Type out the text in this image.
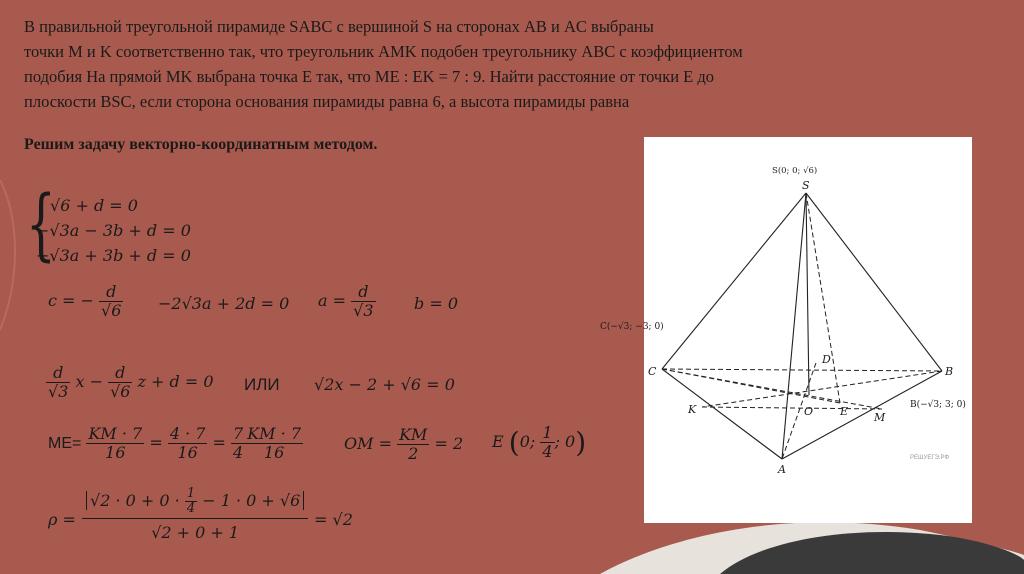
В правильной треугольной пирамиде SABC с вершиной S на сторонах AB и AC выбраны

точки M и K соответственно так, что треугольник AMK подобен треугольнику ABC с коэффициентом

подобия На прямой MK выбрана точка E так, что ME : EK = 7 : 9. Найти расстояние от точки E до

плоскости BSC, если сторона основания пирамиды равна 6, а высота пирамиды равна

Решим задачу векторно-координатным методом.
{
√6 + d = 0
−√3a − 3b + d = 0
−√3a + 3b + d = 0
c = − $\frac{d}{√6} -2√3a + 2d = 0$ $a = \frac{d}{√3}$ b = 0
$\frac{d}{√3}$ $x - \frac{d}{√6}$ z + d = 0 ИЛИ √2x − 2 + √6 = 0
$ME= \frac{KM \cdot 7}{16} = \frac{4 \cdot 7}{16} = \frac{7}{4} \frac{KM \cdot 7}{16}$	OM = $\frac{KM}{2} = 2$ E (0; $\frac{1}{4}$ ; 0)
$\rho = \frac{√2 \cdot 0 + 0 \cdot \frac{1}{4} - 1 \cdot 0 + √6}{√2 + 0 + 1} = √2$
S(0; 0; √6)
S
C	B
A
D
K	O E M
РЕШУЕГЭ.РФ
C(−√3; −3; 0)
B(−√3; 3; 0)
